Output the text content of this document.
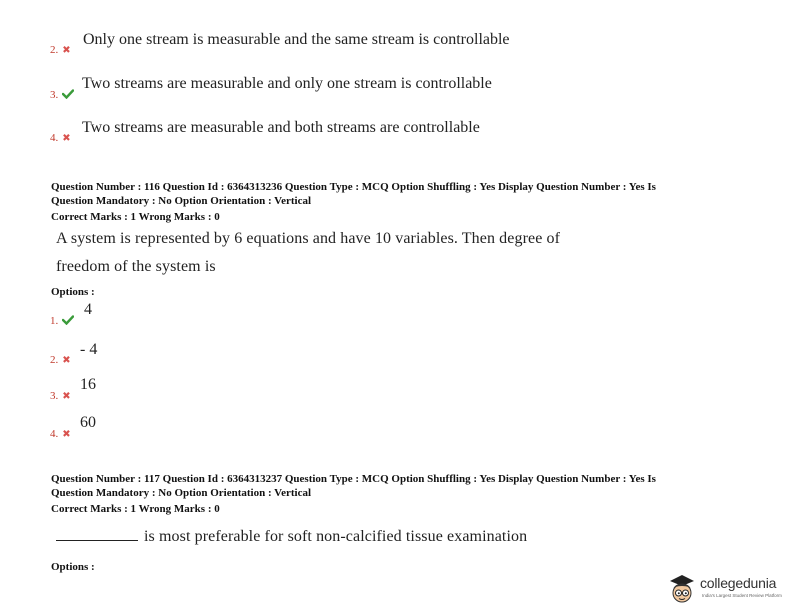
2. ✖
Only one stream is measurable and the same stream is controllable
3.
Two streams are measurable and only one stream is controllable
4. ✖
Two streams are measurable and both streams are controllable
Question Number : 116 Question Id : 6364313236 Question Type : MCQ Option Shuffling : Yes Display Question Number : Yes Is
Question Mandatory : No Option Orientation : Vertical
Correct Marks : 1 Wrong Marks : 0
A system is represented by 6 equations and have 10 variables. Then degree of
freedom of the system is
Options :
1.
4
2. ✖
- 4
3. ✖
16
4. ✖
60
Question Number : 117 Question Id : 6364313237 Question Type : MCQ Option Shuffling : Yes Display Question Number : Yes Is
Question Mandatory : No Option Orientation : Vertical
Correct Marks : 1 Wrong Marks : 0
is most preferable for soft non-calcified tissue examination
Options :
collegedunia
India's Largest Student Review Platform
